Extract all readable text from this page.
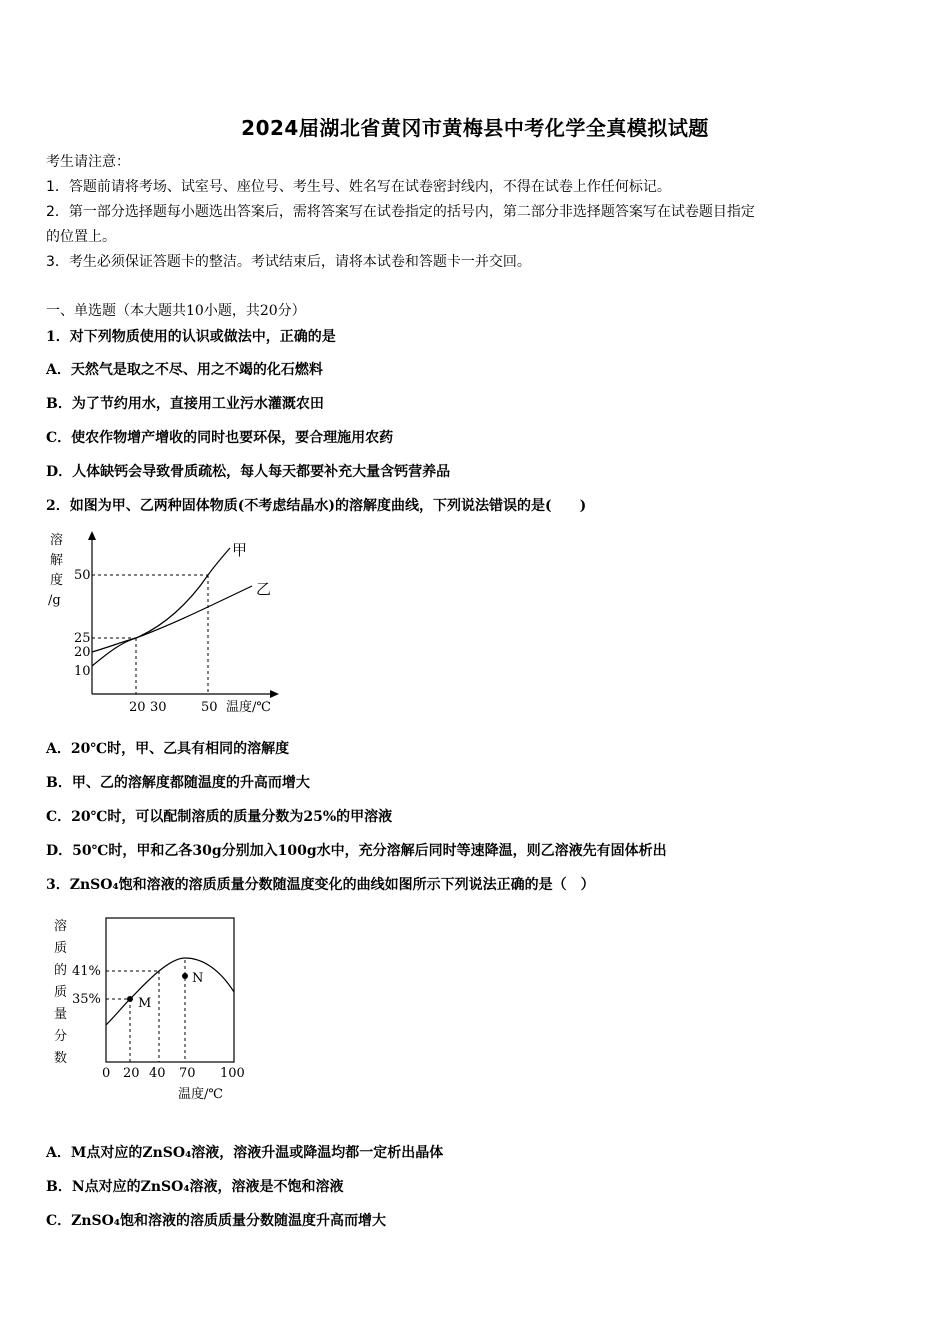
2024届湖北省黄冈市黄梅县中考化学全真模拟试题
考生请注意：
1．答题前请将考场、试室号、座位号、考生号、姓名写在试卷密封线内，不得在试卷上作任何标记。
2．第一部分选择题每小题选出答案后，需将答案写在试卷指定的括号内，第二部分非选择题答案写在试卷题目指定
的位置上。
3．考生必须保证答题卡的整洁。考试结束后，请将本试卷和答题卡一并交回。
一、单选题（本大题共10小题，共20分）
1．对下列物质使用的认识或做法中，正确的是
A．天然气是取之不尽、用之不竭的化石燃料
B．为了节约用水，直接用工业污水灌溉农田
C．使农作物增产增收的同时也要环保，要合理施用农药
D．人体缺钙会导致骨质疏松，每人每天都要补充大量含钙营养品
2．如图为甲、乙两种固体物质(不考虑结晶水)的溶解度曲线，下列说法错误的是(　　)
溶
解
度
/g
50
25
20
10
20 30	50 温度/℃
甲
乙
A．20℃时，甲、乙具有相同的溶解度
B．甲、乙的溶解度都随温度的升高而增大
C．20℃时，可以配制溶质的质量分数为25%的甲溶液
D．50℃时，甲和乙各30g分别加入100g水中，充分溶解后同时等速降温，则乙溶液先有固体析出
3．ZnSO₄饱和溶液的溶质质量分数随温度变化的曲线如图所示下列说法正确的是（　）
溶
质
的
质
量
分
数
41%
35%
0 20 40 70 100
温度/℃
M
N
A．M点对应的ZnSO₄溶液，溶液升温或降温均都一定析出晶体
B．N点对应的ZnSO₄溶液，溶液是不饱和溶液
C．ZnSO₄饱和溶液的溶质质量分数随温度升高而增大
